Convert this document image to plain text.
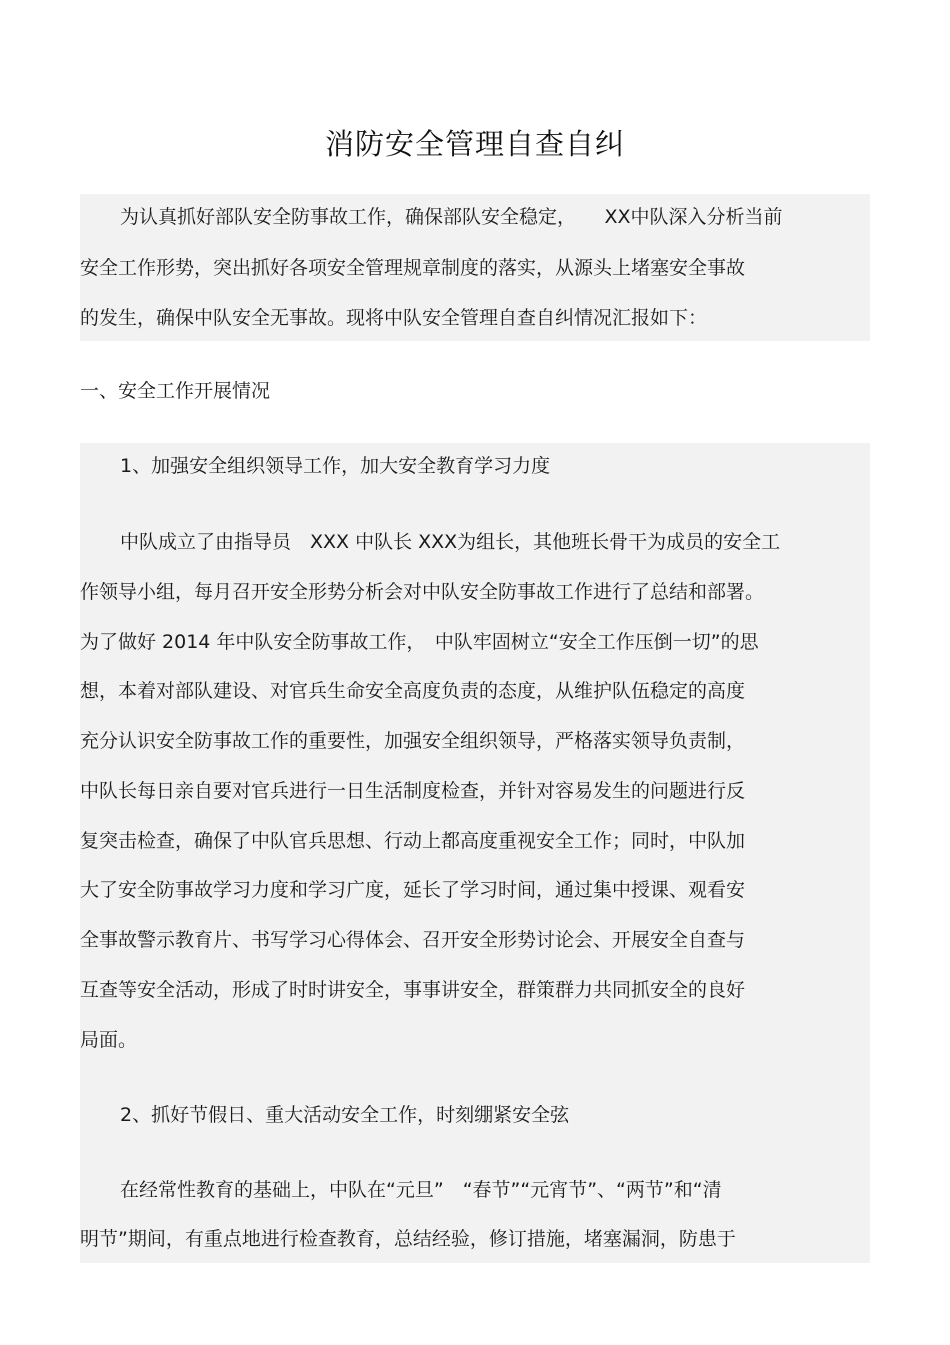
消防安全管理自查自纠
为认真抓好部队安全防事故工作，确保部队安全稳定，　　XX中队深入分析当前
安全工作形势，突出抓好各项安全管理规章制度的落实，从源头上堵塞安全事故
的发生，确保中队安全无事故。现将中队安全管理自查自纠情况汇报如下：
一、安全工作开展情况
1、加强安全组织领导工作，加大安全教育学习力度
中队成立了由指导员　XXX 中队长 XXX为组长，其他班长骨干为成员的安全工
作领导小组，每月召开安全形势分析会对中队安全防事故工作进行了总结和部署。
为了做好 2014 年中队安全防事故工作，　中队牢固树立“安全工作压倒一切”的思
想，本着对部队建设、对官兵生命安全高度负责的态度，从维护队伍稳定的高度
充分认识安全防事故工作的重要性，加强安全组织领导，严格落实领导负责制，
中队长每日亲自要对官兵进行一日生活制度检查，并针对容易发生的问题进行反
复突击检查，确保了中队官兵思想、行动上都高度重视安全工作；同时，中队加
大了安全防事故学习力度和学习广度，延长了学习时间，通过集中授课、观看安
全事故警示教育片、书写学习心得体会、召开安全形势讨论会、开展安全自查与
互查等安全活动，形成了时时讲安全，事事讲安全，群策群力共同抓安全的良好
局面。
2、抓好节假日、重大活动安全工作，时刻绷紧安全弦
在经常性教育的基础上，中队在“元旦”　“春节”“元宵节”、“两节”和“清
明节”期间，有重点地进行检查教育，总结经验，修订措施，堵塞漏洞，防患于
